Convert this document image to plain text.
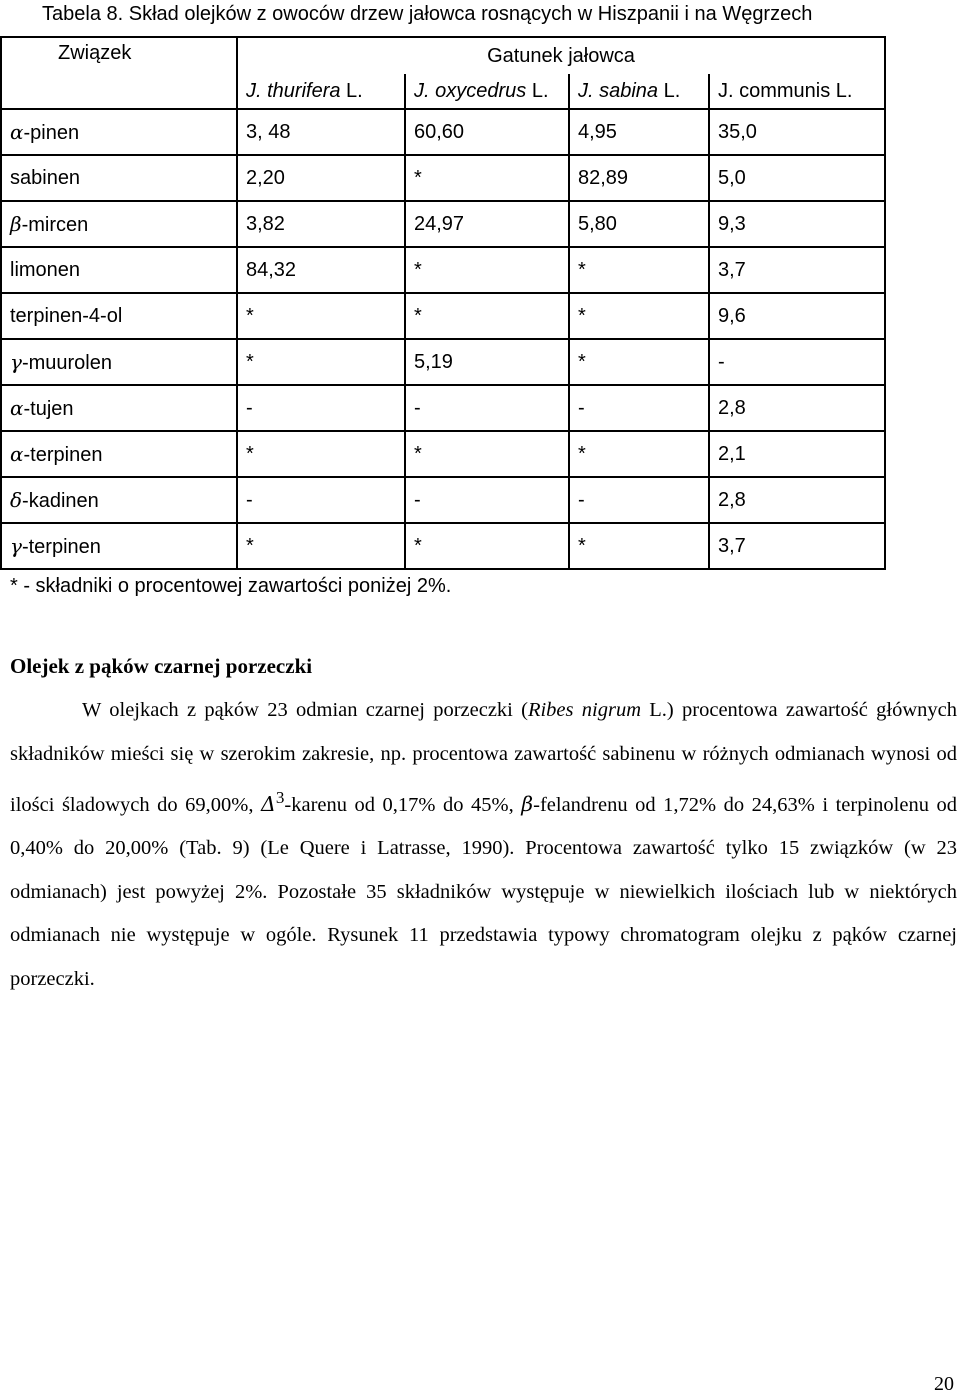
Tabela 8. Skład olejków z owoców drzew jałowca rosnących w Hiszpanii i na Węgrzech
Związek	Gatunek jałowca			
	J. thurifera L.	J. oxycedrus L.	J. sabina L.	J. communis L.
α-pinen	3, 48	60,60	4,95	35,0
sabinen	2,20	*	82,89	5,0
β-mircen	3,82	24,97	5,80	9,3
limonen	84,32	*	*	3,7
terpinen-4-ol	*	*	*	9,6
γ-muurolen	*	5,19	*	-
α-tujen	-	-	-	2,8
α-terpinen	*	*	*	2,1
δ-kadinen	-	-	-	2,8
γ-terpinen	*	*	*	3,7
* - składniki o procentowej zawartości poniżej 2%.
Olejek z pąków czarnej porzeczki

W olejkach z pąków 23 odmian czarnej porzeczki (Ribes nigrum L.) procentowa zawartość głównych składników mieści się w szerokim zakresie, np. procentowa zawartość sabinenu w różnych odmianach wynosi od ilości śladowych do 69,00%, $\Delta^3$-karenu od 0,17% do 45%, β-felandrenu od 1,72% do 24,63% i terpinolenu od 0,40% do 20,00% (Tab. 9) (Le Quere i Latrasse, 1990). Procentowa zawartość tylko 15 związków (w 23 odmianach) jest powyżej 2%. Pozostałe 35 składników występuje w niewielkich ilościach lub w niektórych odmianach nie występuje w ogóle. Rysunek 11 przedstawia typowy chromatogram olejku z pąków czarnej porzeczki.

20
